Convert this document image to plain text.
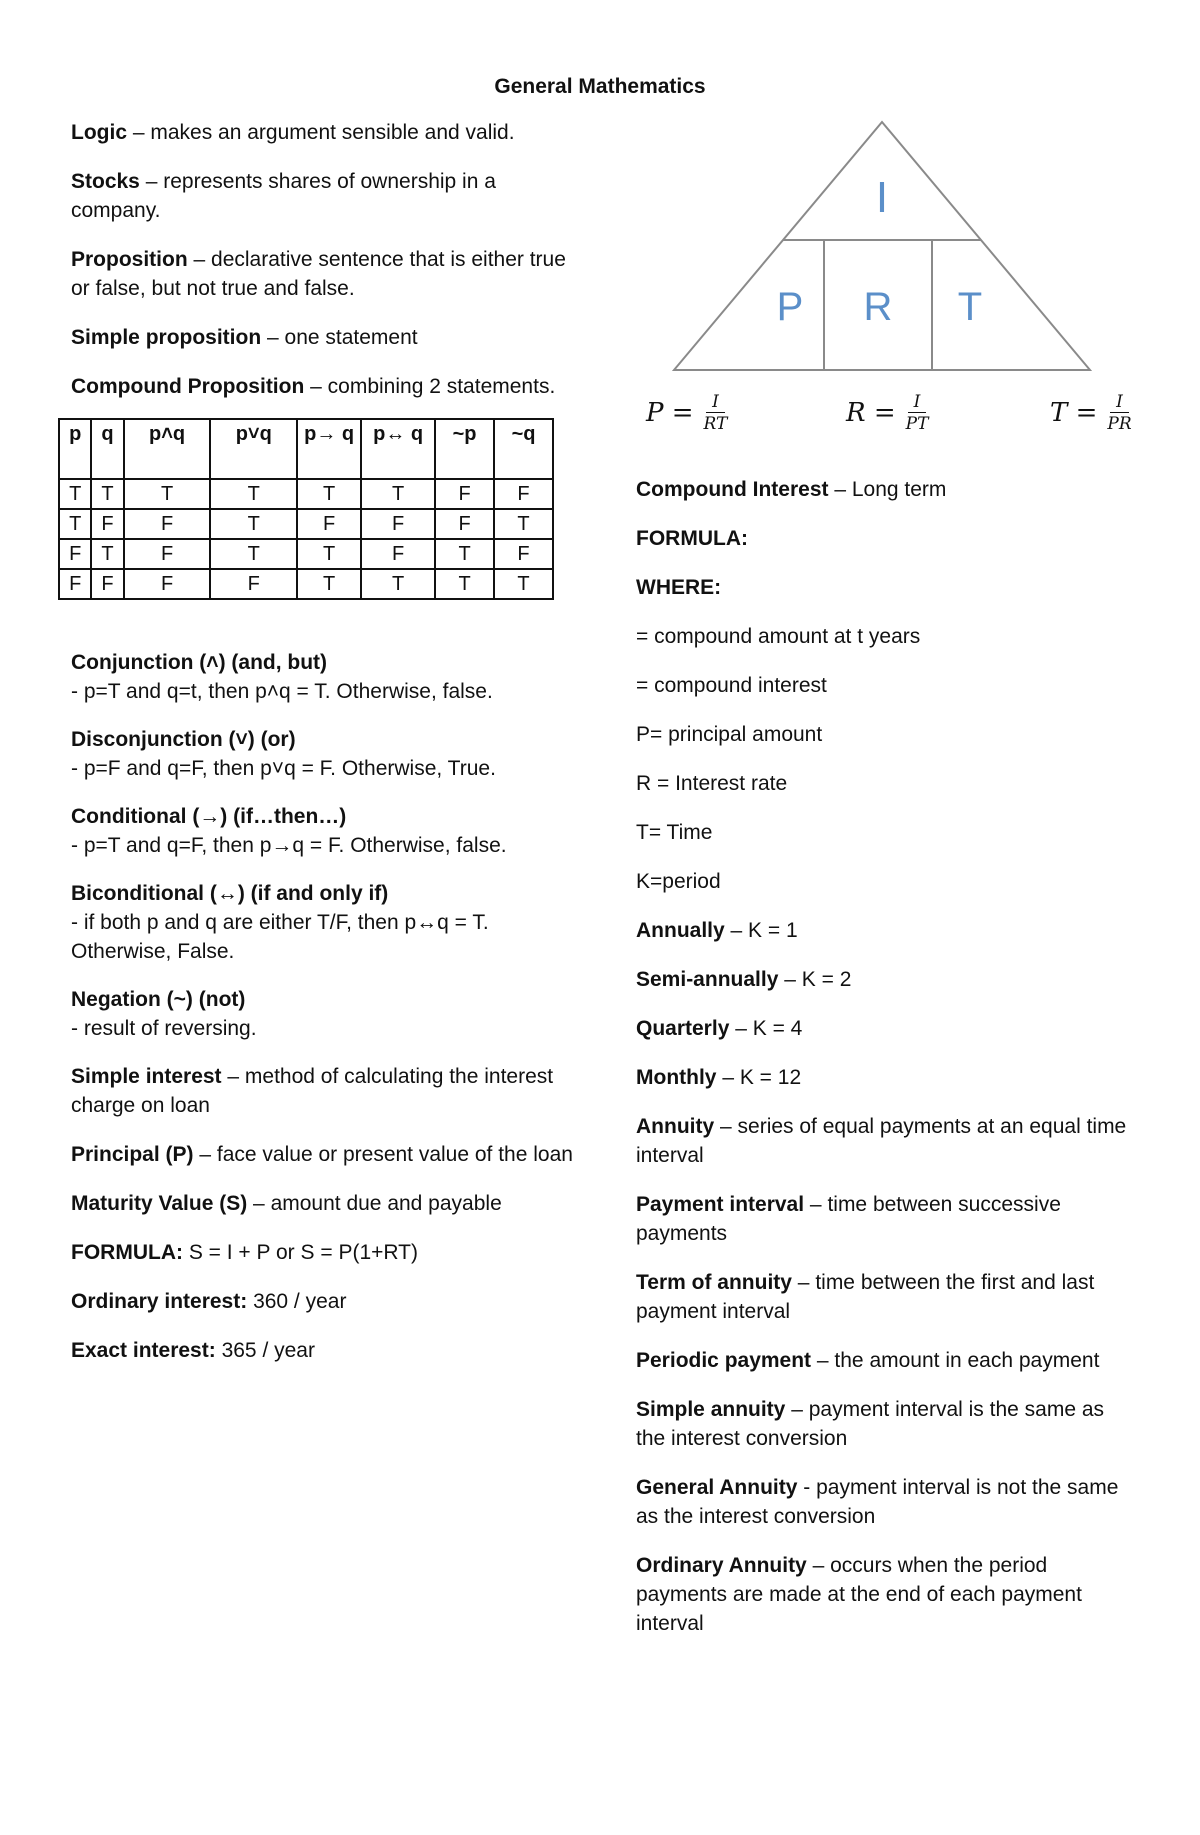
General Mathematics

Logic – makes an argument sensible and valid.

Stocks – represents shares of ownership in a company.

Proposition – declarative sentence that is either true or false, but not true and false.

Simple proposition – one statement

Compound Proposition – combining 2 statements.

p	q	p˄q	p˅q	p→ q	p↔ q	~p	~q
T	T	T	T	T	T	F	F
T	F	F	T	F	F	F	T
F	T	F	T	T	F	T	F
F	F	F	F	T	T	T	T

Conjunction (˄) (and, but)
- p=T and q=t, then p˄q = T. Otherwise, false.

Disconjunction (˅) (or)
- p=F and q=F, then p˅q = F. Otherwise, True.

Conditional (→) (if…then…)
- p=T and q=F, then p→q = F. Otherwise, false.

Biconditional (↔) (if and only if)
- if both p and q are either T/F, then p↔q = T. Otherwise, False.

Negation (~) (not)
- result of reversing.

Simple interest – method of calculating the interest charge on loan

Principal (P) – face value or present value of the loan

Maturity Value (S) – amount due and payable

FORMULA: S = I + P or S = P(1+RT)

Ordinary interest: 360 / year

Exact interest: 365 / year

I
P R T
$P = \frac{I}{RT}$	$R = \frac{I}{PT}$	$T = \frac{I}{PR}$

Compound Interest – Long term

FORMULA:

WHERE:

= compound amount at t years

= compound interest

P= principal amount

R = Interest rate

T= Time

K=period

Annually – K = 1

Semi-annually – K = 2

Quarterly – K = 4

Monthly – K = 12

Annuity – series of equal payments at an equal time interval

Payment interval – time between successive payments

Term of annuity – time between the first and last payment interval

Periodic payment – the amount in each payment

Simple annuity – payment interval is the same as the interest conversion

General Annuity - payment interval is not the same as the interest conversion

Ordinary Annuity – occurs when the period payments are made at the end of each payment interval
